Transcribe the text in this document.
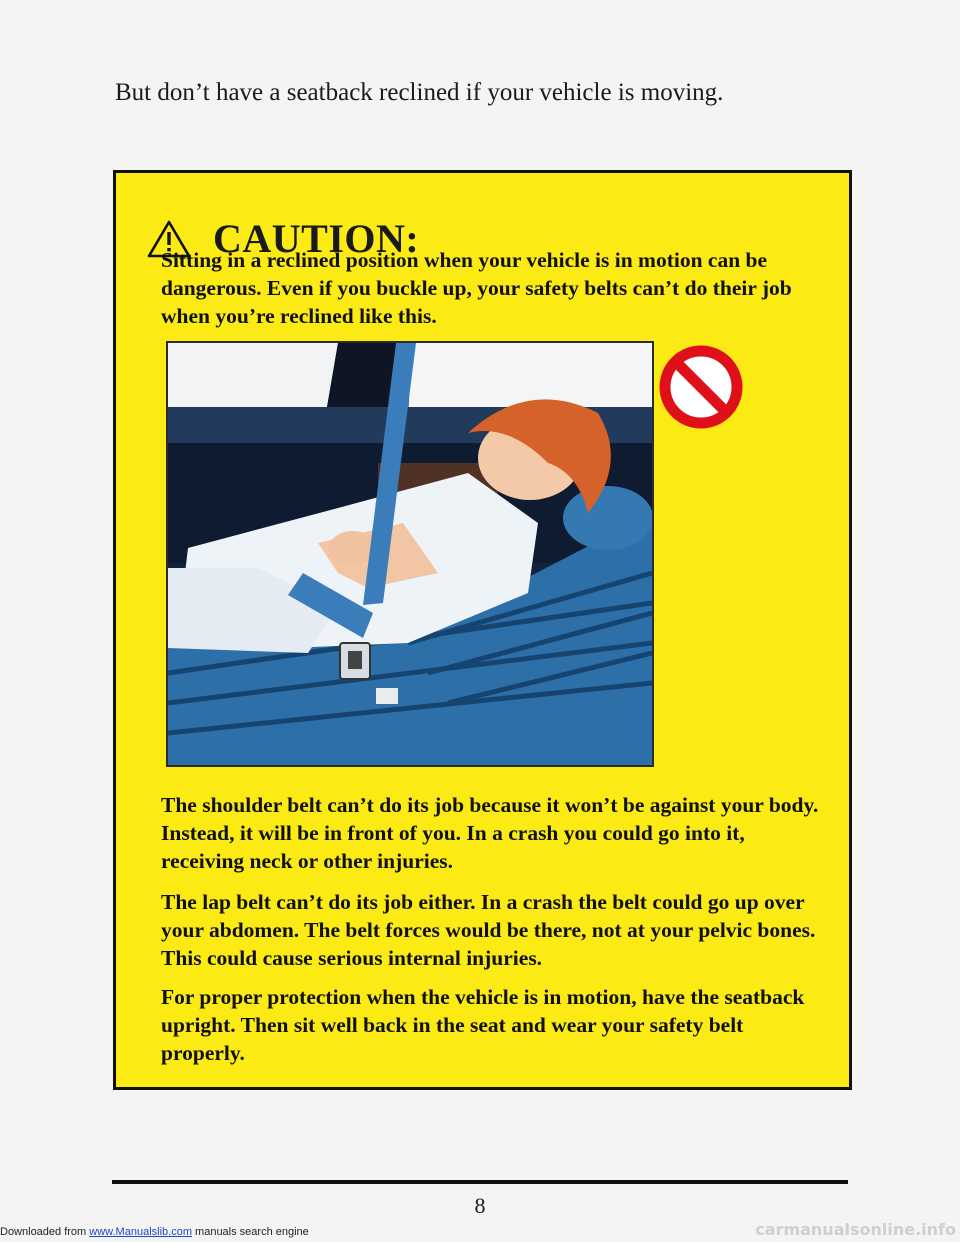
But don’t have a seatback reclined if your vehicle is moving.

CAUTION:

Sitting in a reclined position when your vehicle is in motion can be dangerous. Even if you buckle up, your safety belts can’t do their job when you’re reclined like this.

The shoulder belt can’t do its job because it won’t be against your body. Instead, it will be in front of you. In a crash you could go into it, receiving neck or other injuries.

The lap belt can’t do its job either. In a crash the belt could go up over your abdomen. The belt forces would be there, not at your pelvic bones. This could cause serious internal injuries.

For proper protection when the vehicle is in motion, have the seatback upright. Then sit well back in the seat and wear your safety belt properly.

8

Downloaded from www.Manualslib.com manuals search engine	carmanualsonline.info
